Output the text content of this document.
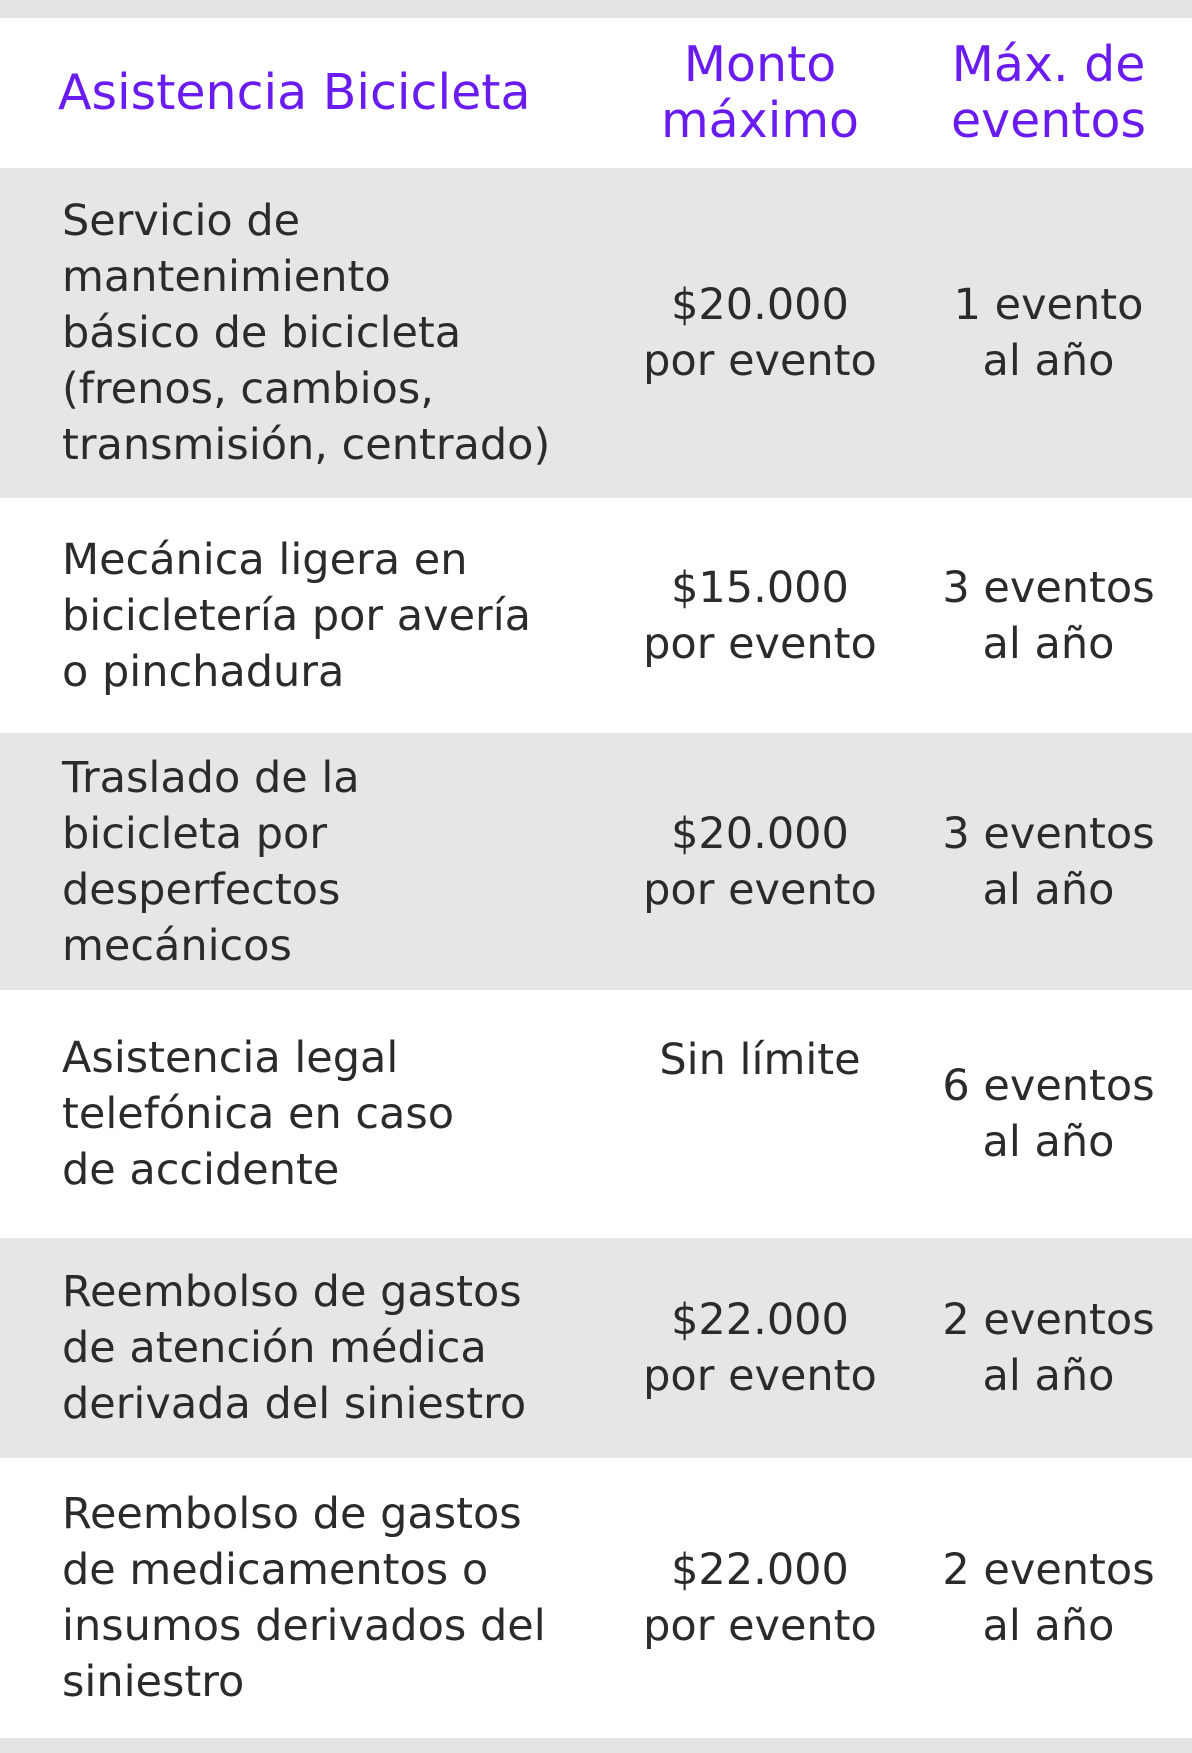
Asistencia Bicicleta	Monto
máximo
Máx. de
eventos
Servicio de
mantenimiento
básico de bicicleta
(frenos, cambios,
transmisión, centrado)
$20.000
por evento
1 evento
al año
Mecánica ligera en
bicicletería por avería
o pinchadura
$15.000
por evento
3 eventos
al año
Traslado de la
bicicleta por
desperfectos
mecánicos
$20.000
por evento
3 eventos
al año
Asistencia legal
telefónica en caso
de accidente
Sin límite
6 eventos
al año
Reembolso de gastos
de atención médica
derivada del siniestro
$22.000
por evento
2 eventos
al año
Reembolso de gastos
de medicamentos o
insumos derivados del
siniestro
$22.000
por evento
2 eventos
al año
